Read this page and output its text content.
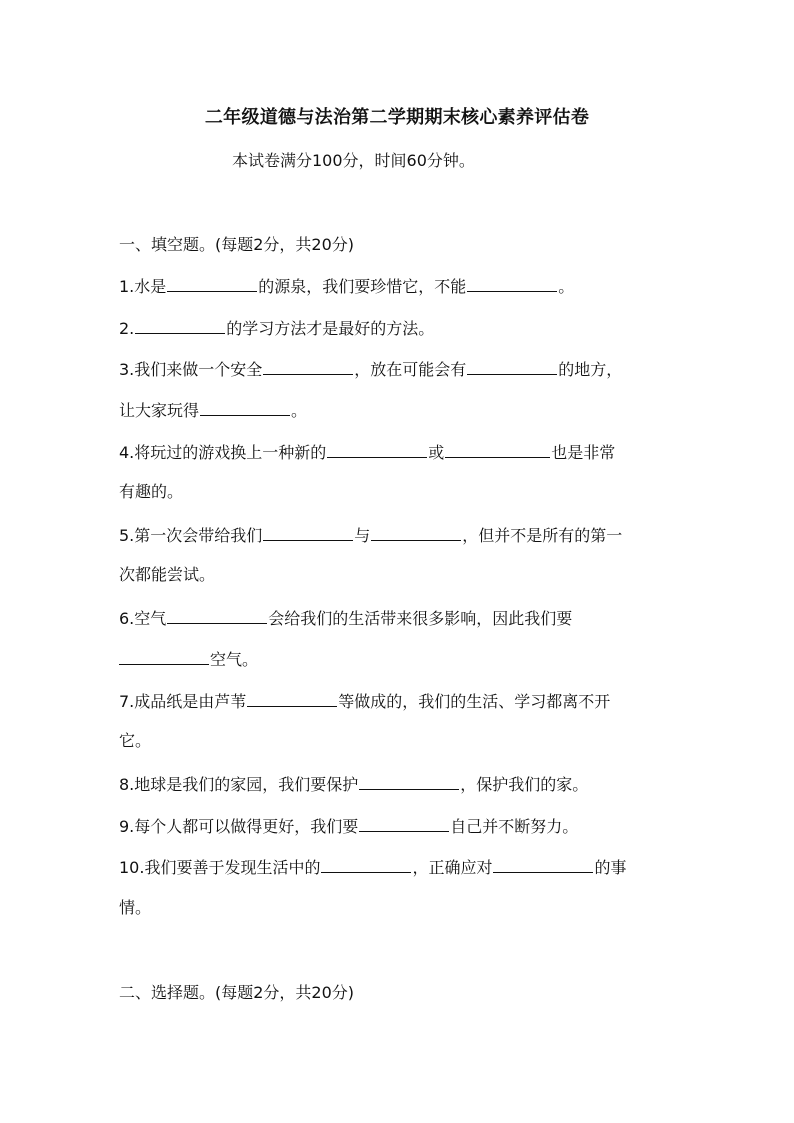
二年级道德与法治第二学期期末核心素养评估卷
本试卷满分100分，时间60分钟。
一、填空题。(每题2分，共20分)
1.水是	的源泉，我们要珍惜它，不能	。
2.	的学习方法才是最好的方法。
3.我们来做一个安全	，放在可能会有	的地方，
让大家玩得	。
4.将玩过的游戏换上一种新的	或	也是非常
有趣的。
5.第一次会带给我们	与	，但并不是所有的第一
次都能尝试。
6.空气	会给我们的生活带来很多影响，因此我们要
空气。
7.成品纸是由芦苇	等做成的，我们的生活、学习都离不开
它。
8.地球是我们的家园，我们要保护	，保护我们的家。
9.每个人都可以做得更好，我们要	自己并不断努力。
10.我们要善于发现生活中的	，正确应对	的事
情。
二、选择题。(每题2分，共20分)
